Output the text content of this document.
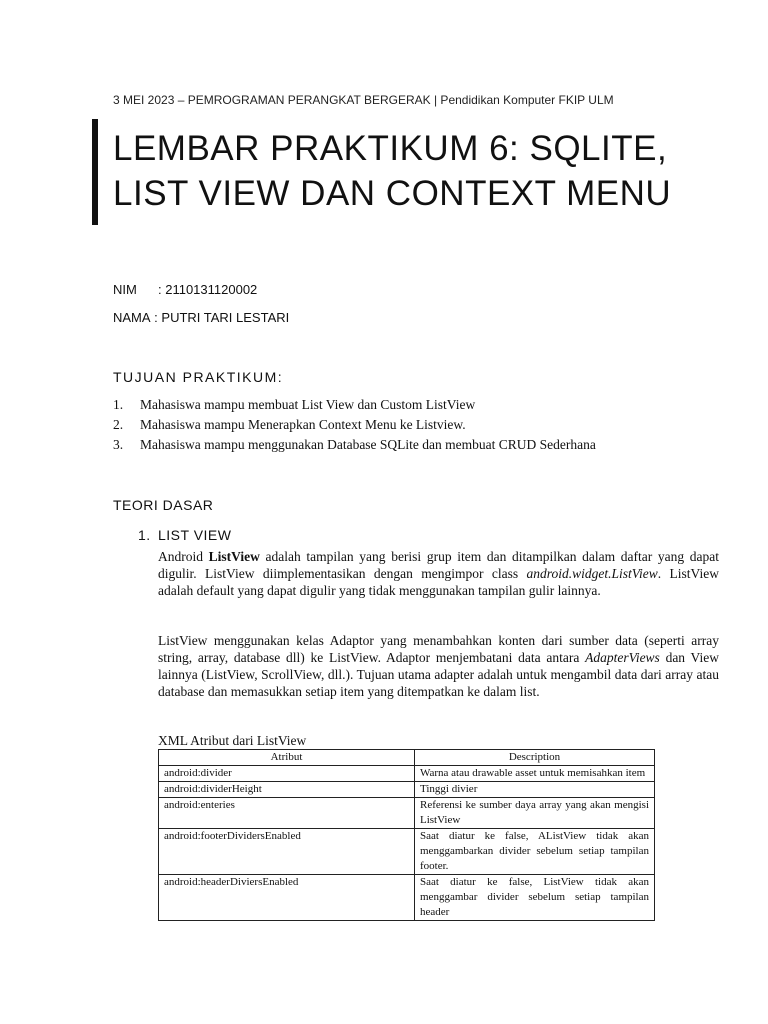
3 MEI 2023 – PEMROGRAMAN PERANGKAT BERGERAK | Pendidikan Komputer FKIP ULM
LEMBAR PRAKTIKUM 6: SQLITE, LIST VIEW DAN CONTEXT MENU
NIM : 2110131120002
NAMA : PUTRI TARI LESTARI
TUJUAN PRAKTIKUM:
1.	Mahasiswa mampu membuat List View dan Custom ListView
2.	Mahasiswa mampu Menerapkan Context Menu ke Listview.
3.	Mahasiswa mampu menggunakan Database SQLite dan membuat CRUD Sederhana
TEORI DASAR
1. LIST VIEW
Android ListView adalah tampilan yang berisi grup item dan ditampilkan dalam daftar yang dapat digulir. ListView diimplementasikan dengan mengimpor class android.widget.ListView. ListView adalah default yang dapat digulir yang tidak menggunakan tampilan gulir lainnya.
ListView menggunakan kelas Adaptor yang menambahkan konten dari sumber data (seperti array string, array, database dll) ke ListView. Adaptor menjembatani data antara AdapterViews dan View lainnya (ListView, ScrollView, dll.). Tujuan utama adapter adalah untuk mengambil data dari array atau database dan memasukkan setiap item yang ditempatkan ke dalam list.
XML Atribut dari ListView
Atribut	Description
android:divider	Warna atau drawable asset untuk memisahkan item
android:dividerHeight	Tinggi divier
android:enteries	Referensi ke sumber daya array yang akan mengisi ListView
android:footerDividersEnabled	Saat diatur ke false, AListView tidak akan menggambarkan divider sebelum setiap tampilan footer.
android:headerDiviersEnabled	Saat diatur ke false, ListView tidak akan menggambar divider sebelum setiap tampilan header
